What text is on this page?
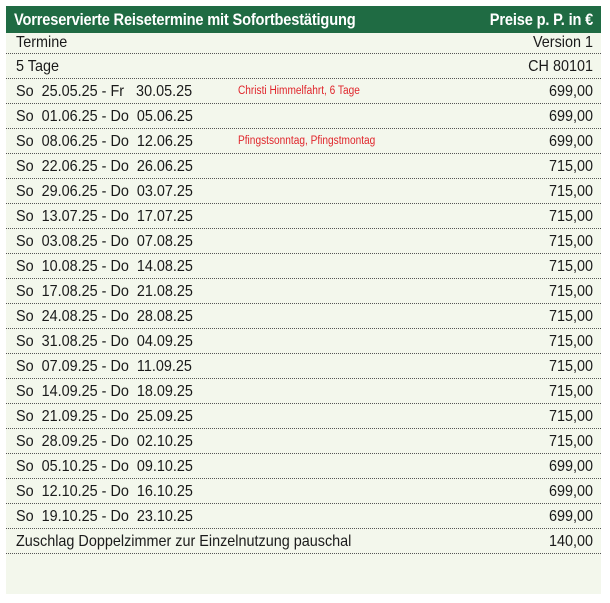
Vorreservierte Reisetermine mit Sofortbestätigung	Preise p. P. in €
Termine	Version 1
5 Tage	CH 80101
So  25.05.25 - Fr   30.05.25	Christi Himmelfahrt, 6 Tage	699,00
So  01.06.25 - Do  05.06.25	699,00
So  08.06.25 - Do  12.06.25	Pfingstsonntag, Pfingstmontag	699,00
So  22.06.25 - Do  26.06.25	715,00
So  29.06.25 - Do  03.07.25	715,00
So  13.07.25 - Do  17.07.25	715,00
So  03.08.25 - Do  07.08.25	715,00
So  10.08.25 - Do  14.08.25	715,00
So  17.08.25 - Do  21.08.25	715,00
So  24.08.25 - Do  28.08.25	715,00
So  31.08.25 - Do  04.09.25	715,00
So  07.09.25 - Do  11.09.25	715,00
So  14.09.25 - Do  18.09.25	715,00
So  21.09.25 - Do  25.09.25	715,00
So  28.09.25 - Do  02.10.25	715,00
So  05.10.25 - Do  09.10.25	699,00
So  12.10.25 - Do  16.10.25	699,00
So  19.10.25 - Do  23.10.25	699,00
Zuschlag Doppelzimmer zur Einzelnutzung pauschal	140,00
